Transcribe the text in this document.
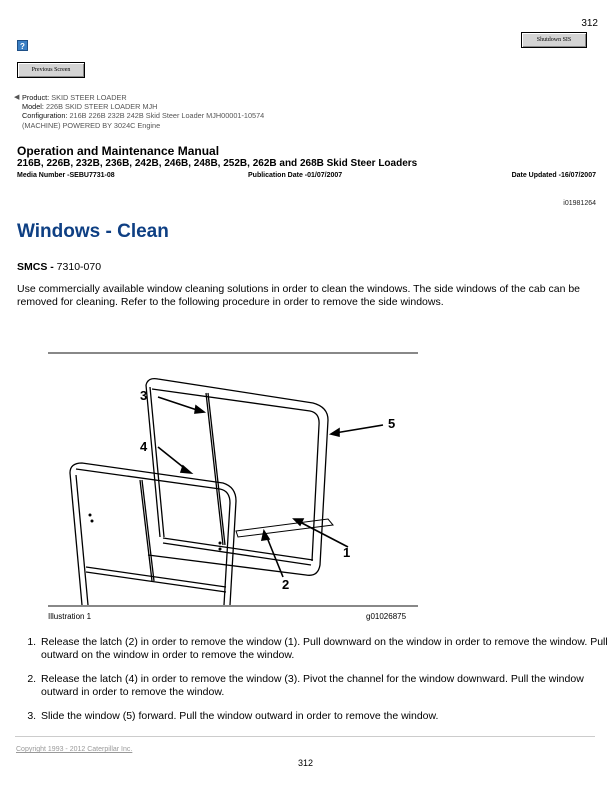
312
Shutdown SIS
?
Previous Screen
◀ Product: SKID STEER LOADER
Model: 226B SKID STEER LOADER MJH
Configuration: 216B 226B 232B 242B Skid Steer Loader MJH00001-10574
(MACHINE) POWERED BY 3024C Engine
Operation and Maintenance Manual
216B, 226B, 232B, 236B, 242B, 246B, 248B, 252B, 262B and 268B Skid Steer Loaders
Media Number -SEBU7731-08	Publication Date -01/07/2007	Date Updated -16/07/2007
i01981264
Windows - Clean
SMCS - 7310-070
Use commercially available window cleaning solutions in order to clean the windows. The side windows of the cab can be removed for cleaning. Refer to the following procedure in order to remove the side windows.
3
4
5
1
2
Illustration 1	g01026875
1. Release the latch (2) in order to remove the window (1). Pull downward on the window in order to remove the window. Pull outward on the window in order to remove the window.
2. Release the latch (4) in order to remove the window (3). Pivot the channel for the window downward. Pull the window outward in order to remove the window.
3. Slide the window (5) forward. Pull the window outward in order to remove the window.
Copyright 1993 - 2012 Caterpillar Inc.
312
